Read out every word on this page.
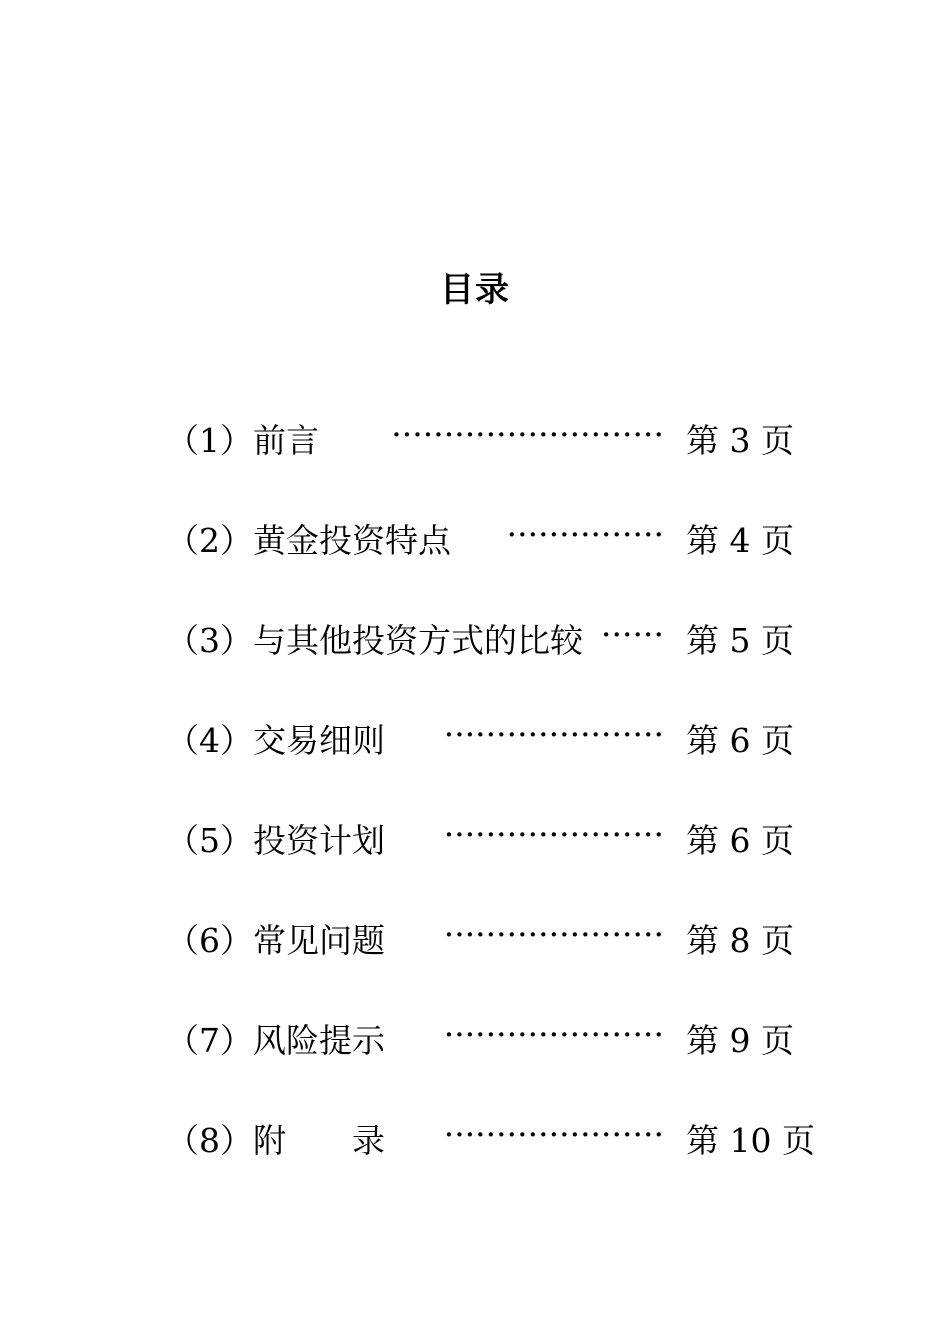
目录
（1）前言 ·························· 第 3 页
（2）黄金投资特点 ··············· 第 4 页
（3）与其他投资方式的比较 ······ 第 5 页
（4）交易细则 ····················· 第 6 页
（5）投资计划 ····················· 第 6 页
（6）常见问题 ····················· 第 8 页
（7）风险提示 ····················· 第 9 页
（8）附　　录 ····················· 第 10 页
